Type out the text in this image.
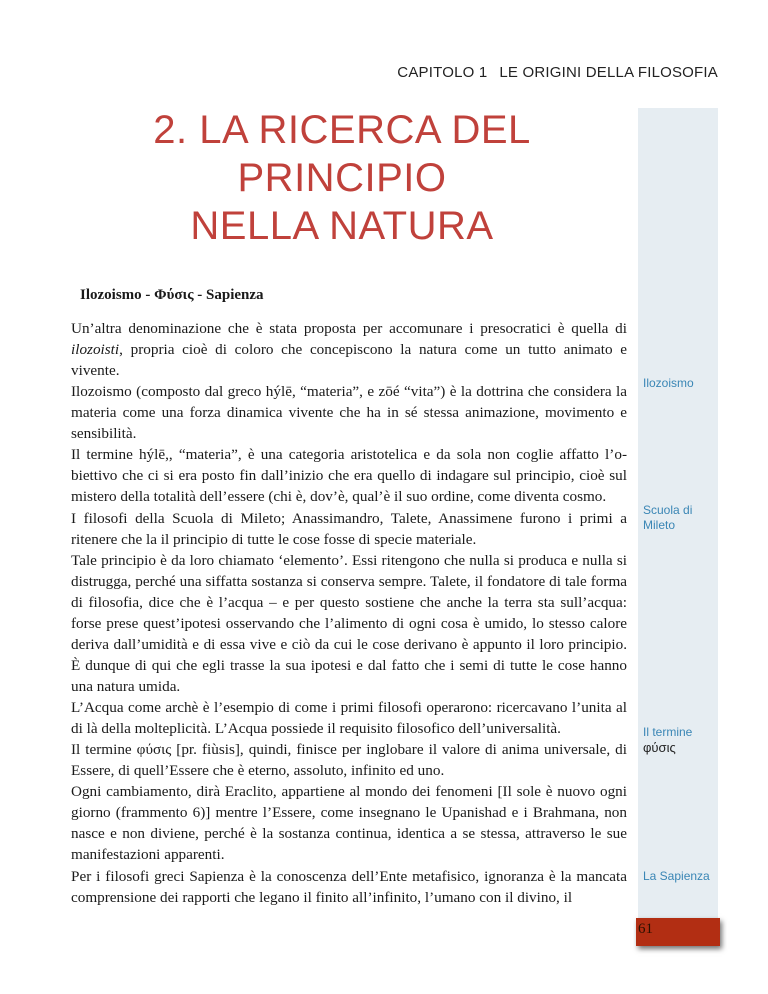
CAPITOLO 1 LE ORIGINI DELLA FILOSOFIA
2. LA RICERCA DEL PRINCIPIO
NELLA NATURA
Ilozoismo
Scuola di Mileto
Il termine
φύσις
La Sapienza
Ilozoismo - Φύσις - Sapienza

Un’altra denominazione che è stata proposta per accomunare i presocratici è quella di ilozoisti, propria cioè di coloro che concepiscono la natura come un tutto animato e vivente.

Ilozoismo (composto dal greco hýlē, “materia”, e zōé “vita”) è la dottrina che considera la materia come una forza dinamica vivente che ha in sé stessa animazione, movimento e sensibilità.

Il termine hýlē,, “materia”, è una categoria aristotelica e da sola non coglie affatto l’obiettivo che ci si era posto fin dall’inizio che era quello di indagare sul principio, cioè sul mistero della totalità dell’essere (chi è, dov’è, qual’è il suo ordine, come diventa cosmo.

I filosofi della Scuola di Mileto; Anassimandro, Talete, Anassimene furono i primi a ritenere che la il principio di tutte le cose fosse di specie materiale.

Tale principio è da loro chiamato ‘elemento’. Essi ritengono che nulla si produca e nulla si distrugga, perché una siffatta sostanza si conserva sempre. Talete, il fondatore di tale forma di filosofia, dice che è l’acqua – e per questo sostiene che anche la terra sta sull’acqua: forse prese quest’ipotesi osservando che l’alimento di ogni cosa è umido, lo stesso calore deriva dall’umidità e di essa vive e ciò da cui le cose derivano è appunto il loro principio. È dunque di qui che egli trasse la sua ipotesi e dal fatto che i semi di tutte le cose hanno una natura umida.

L’Acqua come archè è l’esempio di come i primi filosofi operarono: ricercavano l’unita al di là della molteplicità. L’Acqua possiede il requisito filosofico dell’universalità.

Il termine φύσις [pr. fiùsis], quindi, finisce per inglobare il valore di anima universale, di Essere, di quell’Essere che è eterno, assoluto, infinito ed uno.

Ogni cambiamento, dirà Eraclito, appartiene al mondo dei fenomeni [Il sole è nuovo ogni giorno (frammento 6)] mentre l’Essere, come insegnano le Upanishad e i Brahmana, non nasce e non diviene, perché è la sostanza continua, identica a se stessa, attraverso le sue manifestazioni apparenti.

Per i filosofi greci Sapienza è la conoscenza dell’Ente metafisico, ignoranza è la mancata comprensione dei rapporti che legano il finito all’infinito, l’umano con il divino, il

61
